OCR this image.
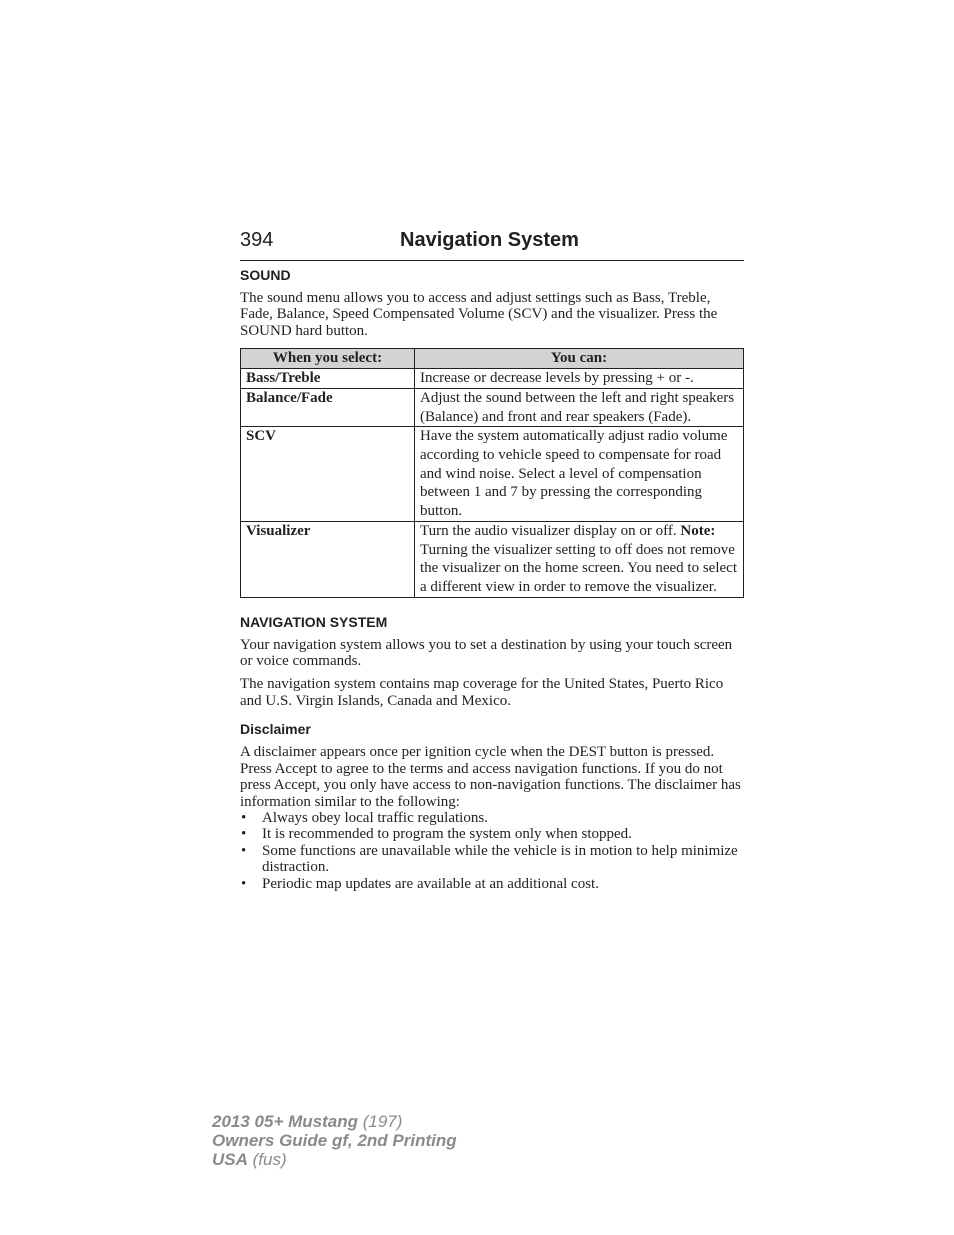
394	Navigation System
SOUND

The sound menu allows you to access and adjust settings such as Bass, Treble, Fade, Balance, Speed Compensated Volume (SCV) and the visualizer. Press the SOUND hard button.

When you select:	You can:
Bass/Treble	Increase or decrease levels by pressing + or -.
Balance/Fade	Adjust the sound between the left and right speakers (Balance) and front and rear speakers (Fade).
SCV	Have the system automatically adjust radio volume according to vehicle speed to compensate for road and wind noise. Select a level of compensation between 1 and 7 by pressing the corresponding button.
Visualizer	Turn the audio visualizer display on or off. Note: Turning the visualizer setting to off does not remove the visualizer on the home screen. You need to select a different view in order to remove the visualizer.
NAVIGATION SYSTEM

Your navigation system allows you to set a destination by using your touch screen or voice commands.

The navigation system contains map coverage for the United States, Puerto Rico and U.S. Virgin Islands, Canada and Mexico.

Disclaimer

A disclaimer appears once per ignition cycle when the DEST button is pressed. Press Accept to agree to the terms and access navigation functions. If you do not press Accept, you only have access to non-navigation functions. The disclaimer has information similar to the following:

• Always obey local traffic regulations.
• It is recommended to program the system only when stopped.
• Some functions are unavailable while the vehicle is in motion to help minimize distraction.
• Periodic map updates are available at an additional cost.
2013 05+ Mustang (197)
Owners Guide gf, 2nd Printing
USA (fus)
